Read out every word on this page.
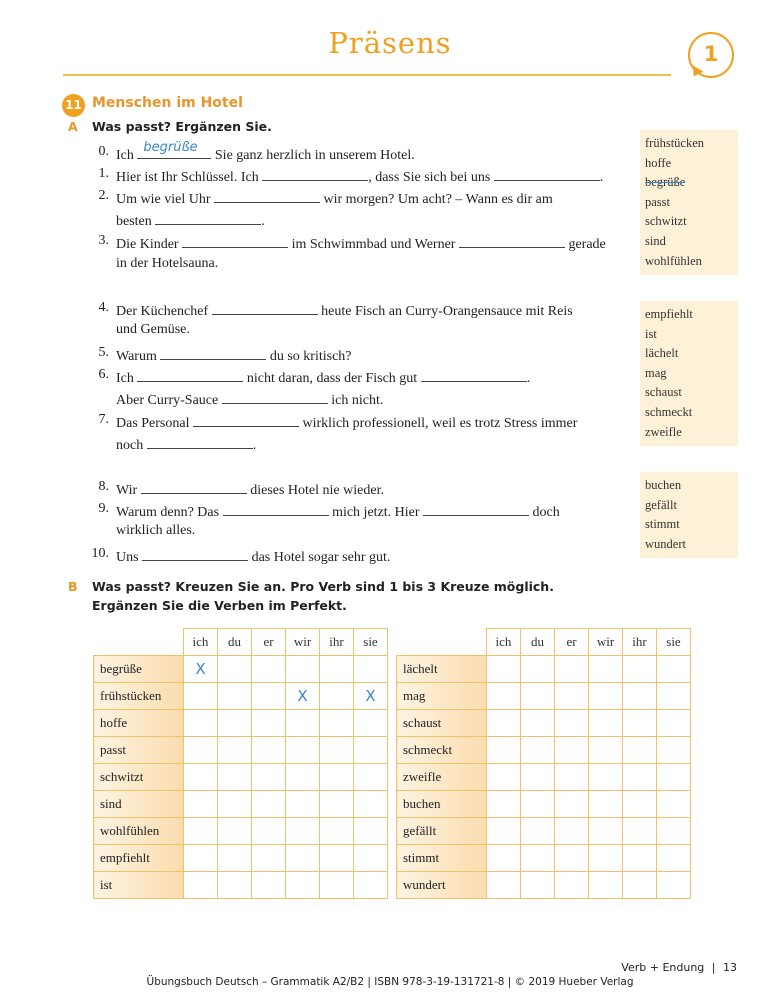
Präsens	1
11 Menschen im Hotel
A Was passt? Ergänzen Sie.
0. Ich
begrüße
Sie ganz herzlich in unserem Hotel.
1. Hier ist Ihr Schlüssel. Ich	, dass Sie sich bei uns	.
2. Um wie viel Uhr	wir morgen? Um acht? – Wann es dir am
besten	.
3. Die Kinder	im Schwimmbad und Werner	gerade
in der Hotelsauna.
4. Der Küchenchef	heute Fisch an Curry-Orangensauce mit Reis
und Gemüse.
5. Warum	du so kritisch?
6. Ich	nicht daran, dass der Fisch gut	.
Aber Curry-Sauce	ich nicht.
7. Das Personal	wirklich professionell, weil es trotz Stress immer
noch	.
8. Wir	dieses Hotel nie wieder.
9. Warum denn? Das	mich jetzt. Hier	doch
wirklich alles.
10. Uns	das Hotel sogar sehr gut.
frühstücken
hoffe
begrüße
passt
schwitzt
sind
wohlfühlen
empfiehlt
ist
lächelt
mag
schaust
schmeckt
zweifle
buchen
gefällt
stimmt
wundert
B Was passt? Kreuzen Sie an. Pro Verb sind 1 bis 3 Kreuze möglich.
Ergänzen Sie die Verben im Perfekt.
	ich	du	er	wir	ihr	sie
begrüße	X					
frühstücken				X		X
hoffe						
passt						
schwitzt						
sind						
wohlfühlen						
empfiehlt						
ist						
	ich	du	er	wir	ihr	sie
lächelt						
mag						
schaust						
schmeckt						
zweifle						
buchen						
gefällt						
stimmt						
wundert						
Verb + Endung | 13
Übungsbuch Deutsch – Grammatik A2/B2 | ISBN 978-3-19-131721-8 | © 2019 Hueber Verlag
